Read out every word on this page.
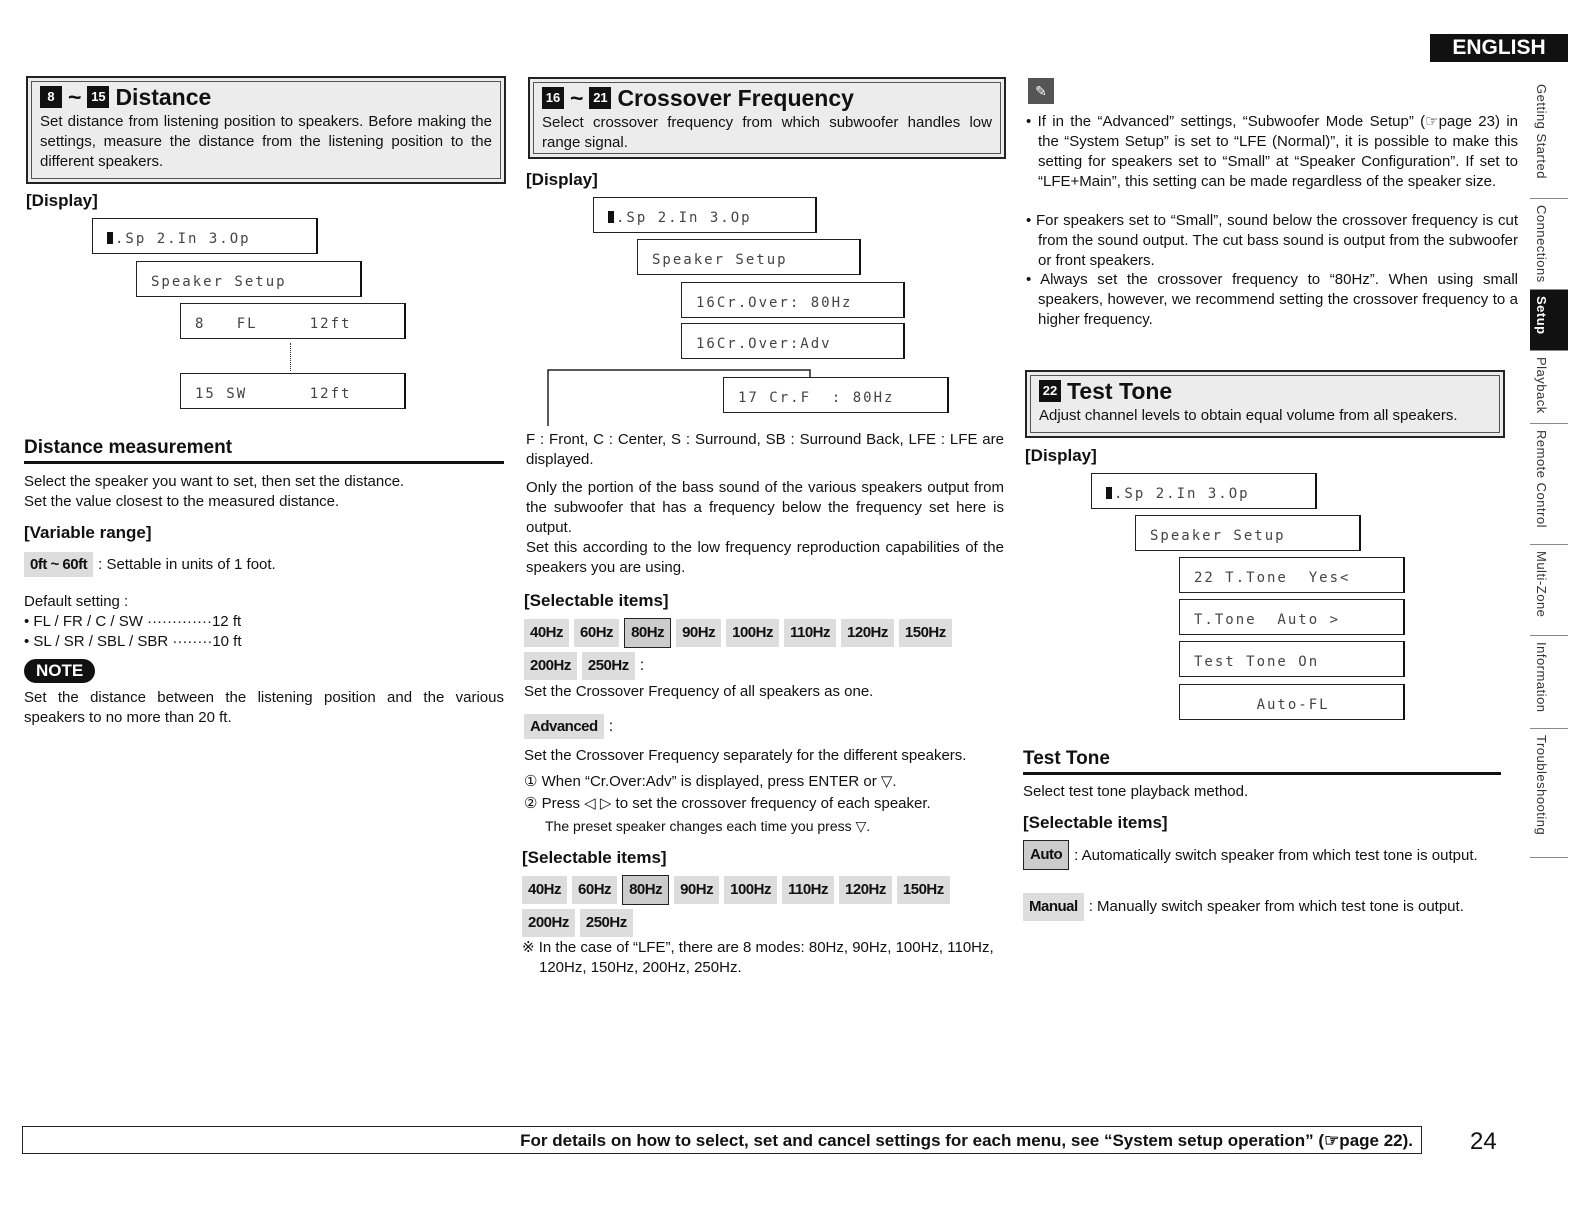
ENGLISH
Getting Started
Connections
Setup
Playback
Remote Control
Multi-Zone
Information
Troubleshooting
8 ~ 15 Distance
Set distance from listening position to speakers. Before making the settings, measure the distance from the listening position to the different speakers.
[Display]
.Sp 2.In 3.Op
Speaker Setup
8   FL     12ft
15 SW      12ft
Distance measurement
Select the speaker you want to set, then set the distance.
Set the value closest to the measured distance.
[Variable range]
0ft ~ 60ft : Settable in units of 1 foot.
Default setting :
• FL / FR / C / SW ·············12 ft
• SL / SR / SBL / SBR ········10 ft
NOTE
Set the distance between the listening position and the various speakers to no more than 20 ft.
16 ~ 21 Crossover Frequency
Select crossover frequency from which subwoofer handles low range signal.
[Display]
.Sp 2.In 3.Op
Speaker Setup
16Cr.Over: 80Hz
16Cr.Over:Adv
17 Cr.F  : 80Hz
F : Front, C : Center, S : Surround, SB : Surround Back, LFE : LFE are displayed.
Only the portion of the bass sound of the various speakers output from the subwoofer that has a frequency below the frequency set here is output.
Set this according to the low frequency reproduction capabilities of the speakers you are using.
[Selectable items]
40Hz 60Hz 80Hz 90Hz 100Hz 110Hz 120Hz 150Hz200Hz 250Hz :
Set the Crossover Frequency of all speakers as one.
Advanced :
Set the Crossover Frequency separately for the different speakers.
① When “Cr.Over:Adv” is displayed, press ENTER or ▽.
② Press ◁ ▷ to set the crossover frequency of each speaker.
The preset speaker changes each time you press ▽.
[Selectable items]
40Hz 60Hz 80Hz 90Hz 100Hz 110Hz 120Hz 150Hz200Hz 250Hz
※ In the case of “LFE”, there are 8 modes: 80Hz, 90Hz, 100Hz, 110Hz, 120Hz, 150Hz, 200Hz, 250Hz.
✎
• If in the “Advanced” settings, “Subwoofer Mode Setup” (☞page 23) in the “System Setup” is set to “LFE (Normal)”, it is possible to make this setting for speakers set to “Small” at “Speaker Configuration”. If set to “LFE+Main”, this setting can be made regardless of the speaker size.
• For speakers set to “Small”, sound below the crossover frequency is cut from the sound output. The cut bass sound is output from the subwoofer or front speakers.
• Always set the crossover frequency to “80Hz”. When using small speakers, however, we recommend setting the crossover frequency to a higher frequency.
22 Test Tone
Adjust channel levels to obtain equal volume from all speakers.
[Display]
.Sp 2.In 3.Op
Speaker Setup
22 T.Tone  Yes<
T.Tone  Auto >
Test Tone On
Auto-FL
Test Tone
Select test tone playback method.
[Selectable items]
Auto : Automatically switch speaker from which test tone is output.
Manual : Manually switch speaker from which test tone is output.
For details on how to select, set and cancel settings for each menu, see “System setup operation” (☞page 22).	24
